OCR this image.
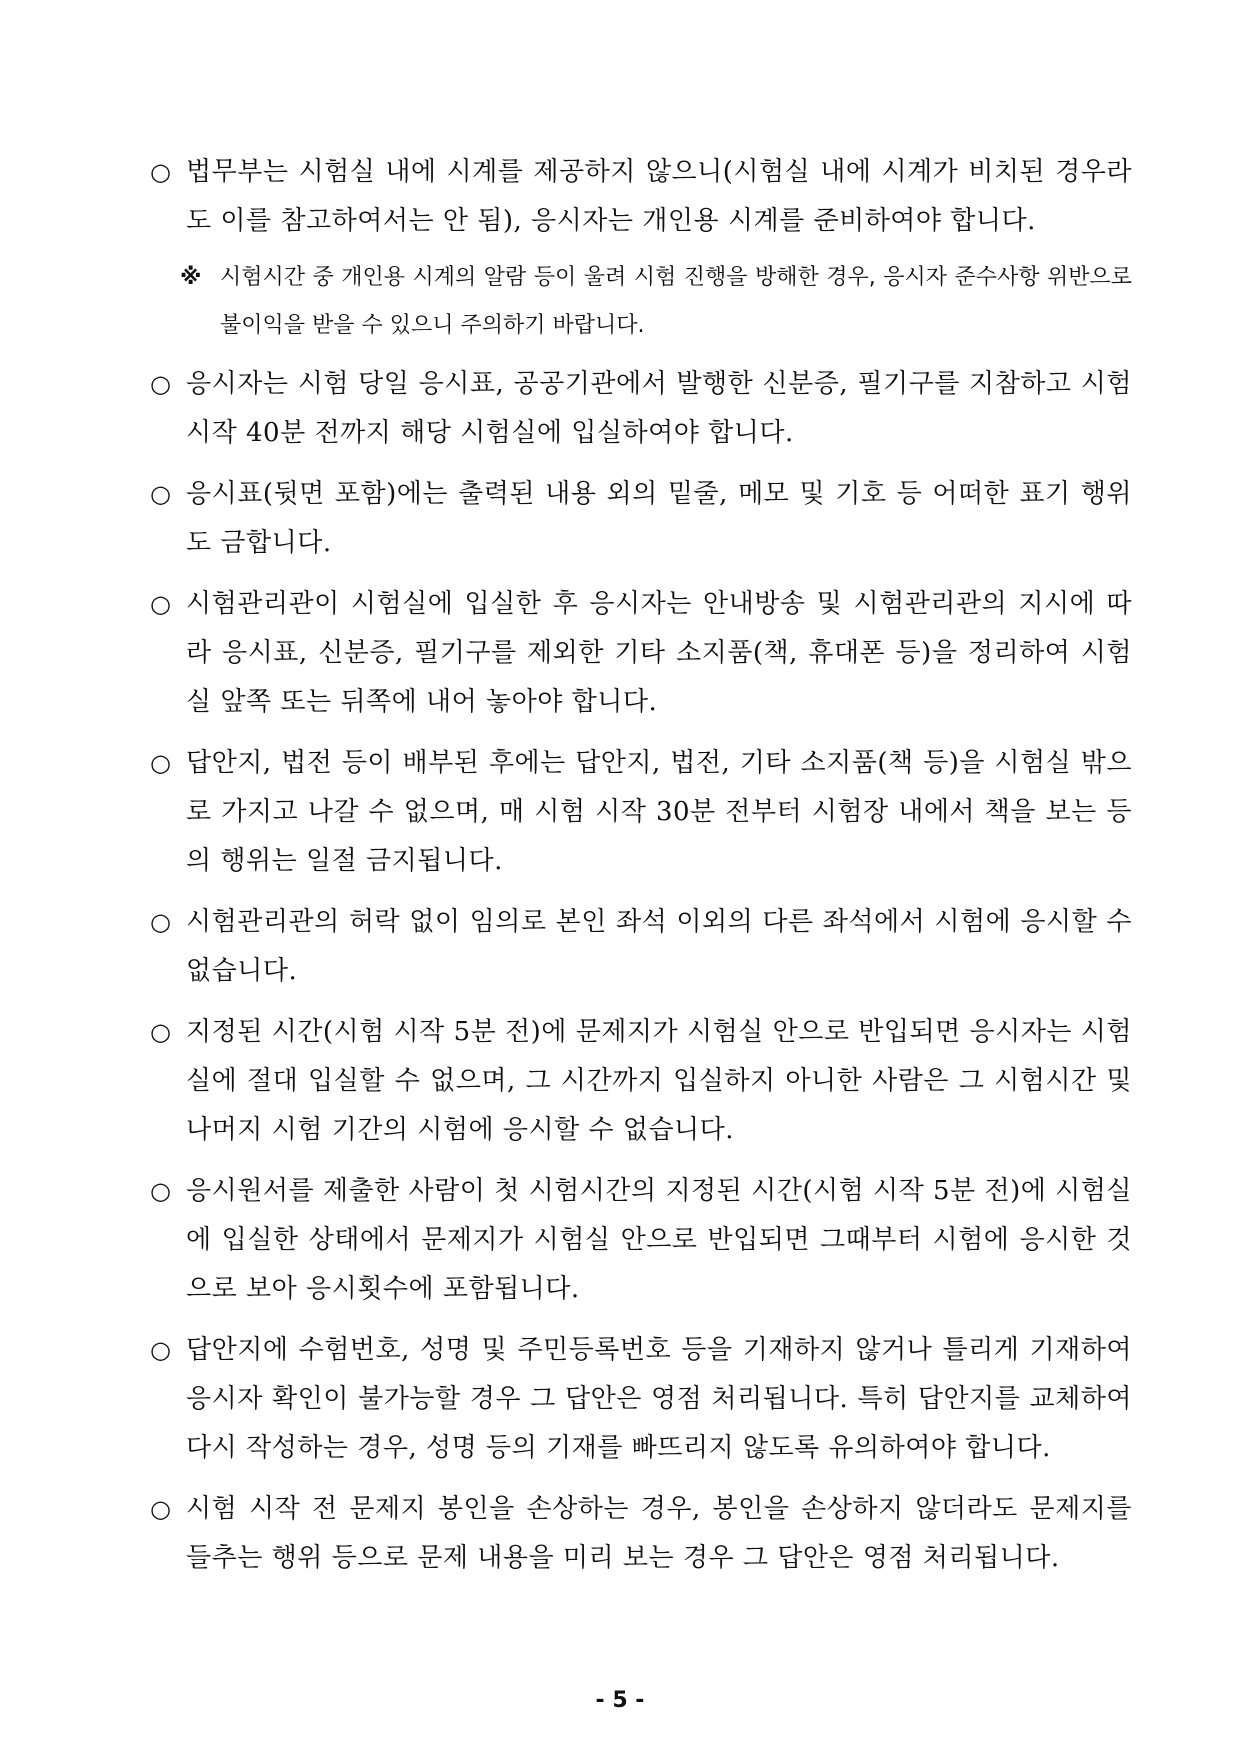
○ 법무부는 시험실 내에 시계를 제공하지 않으니(시험실 내에 시계가 비치된 경우라도 이를 참고하여서는 안 됨), 응시자는 개인용 시계를 준비하여야 합니다.
※ 시험시간 중 개인용 시계의 알람 등이 울려 시험 진행을 방해한 경우, 응시자 준수사항 위반으로 불이익을 받을 수 있으니 주의하기 바랍니다.
○ 응시자는 시험 당일 응시표, 공공기관에서 발행한 신분증, 필기구를 지참하고 시험 시작 40분 전까지 해당 시험실에 입실하여야 합니다.
○ 응시표(뒷면 포함)에는 출력된 내용 외의 밑줄, 메모 및 기호 등 어떠한 표기 행위도 금합니다.
○ 시험관리관이 시험실에 입실한 후 응시자는 안내방송 및 시험관리관의 지시에 따라 응시표, 신분증, 필기구를 제외한 기타 소지품(책, 휴대폰 등)을 정리하여 시험실 앞쪽 또는 뒤쪽에 내어 놓아야 합니다.
○ 답안지, 법전 등이 배부된 후에는 답안지, 법전, 기타 소지품(책 등)을 시험실 밖으로 가지고 나갈 수 없으며, 매 시험 시작 30분 전부터 시험장 내에서 책을 보는 등의 행위는 일절 금지됩니다.
○ 시험관리관의 허락 없이 임의로 본인 좌석 이외의 다른 좌석에서 시험에 응시할 수 없습니다.
○ 지정된 시간(시험 시작 5분 전)에 문제지가 시험실 안으로 반입되면 응시자는 시험실에 절대 입실할 수 없으며, 그 시간까지 입실하지 아니한 사람은 그 시험시간 및 나머지 시험 기간의 시험에 응시할 수 없습니다.
○ 응시원서를 제출한 사람이 첫 시험시간의 지정된 시간(시험 시작 5분 전)에 시험실에 입실한 상태에서 문제지가 시험실 안으로 반입되면 그때부터 시험에 응시한 것으로 보아 응시횟수에 포함됩니다.
○ 답안지에 수험번호, 성명 및 주민등록번호 등을 기재하지 않거나 틀리게 기재하여 응시자 확인이 불가능할 경우 그 답안은 영점 처리됩니다. 특히 답안지를 교체하여 다시 작성하는 경우, 성명 등의 기재를 빠뜨리지 않도록 유의하여야 합니다.
○ 시험 시작 전 문제지 봉인을 손상하는 경우, 봉인을 손상하지 않더라도 문제지를 들추는 행위 등으로 문제 내용을 미리 보는 경우 그 답안은 영점 처리됩니다.
- 5 -
